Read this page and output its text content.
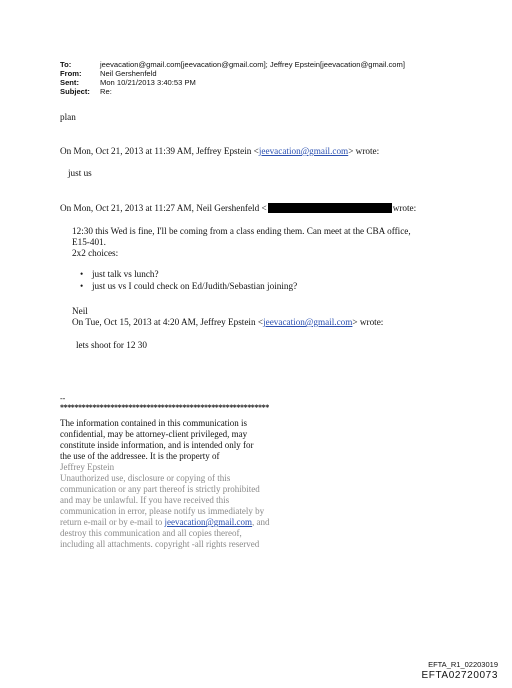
To:	jeevacation@gmail.com[jeevacation@gmail.com]; Jeffrey Epstein[jeevacation@gmail.com]
From:	Neil Gershenfeld
Sent:	Mon 10/21/2013 3:40:53 PM
Subject:	Re:
plan
On Mon, Oct 21, 2013 at 11:39 AM, Jeffrey Epstein <jeevacation@gmail.com> wrote:
just us
On Mon, Oct 21, 2013 at 11:27 AM, Neil Gershenfeld <	wrote:
12:30 this Wed is fine, I'll be coming from a class ending them. Can meet at the CBA office,
E15-401.
2x2 choices:
• just talk vs lunch?
• just us vs I could check on Ed/Judith/Sebastian joining?
Neil
On Tue, Oct 15, 2013 at 4:20 AM, Jeffrey Epstein <jeevacation@gmail.com> wrote:
lets shoot for 12 30
--
**********************************************************
The information contained in this communication is
confidential, may be attorney-client privileged, may
constitute inside information, and is intended only for
the use of the addressee. It is the property of
Jeffrey Epstein
Unauthorized use, disclosure or copying of this
communication or any part thereof is strictly prohibited
and may be unlawful. If you have received this
communication in error, please notify us immediately by
return e-mail or by e-mail to jeevacation@gmail.com, and
destroy this communication and all copies thereof,
including all attachments. copyright -all rights reserved
EFTA_R1_02203019
EFTA02720073
